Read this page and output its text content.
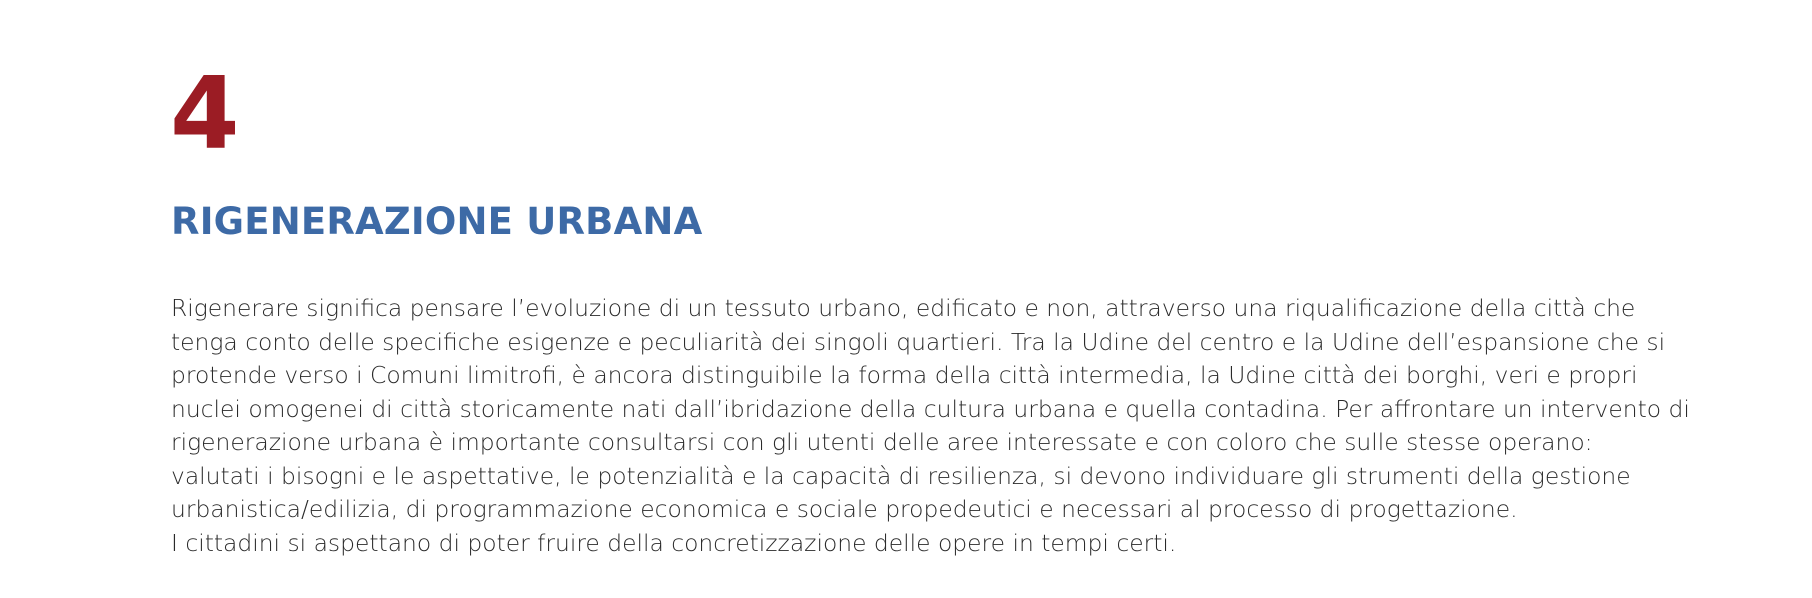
4
RIGENERAZIONE URBANA
Rigenerare significa pensare l’evoluzione di un tessuto urbano, edificato e non, attraverso una riqualificazione della città che
tenga conto delle specifiche esigenze e peculiarità dei singoli quartieri. Tra la Udine del centro e la Udine dell’espansione che si
protende verso i Comuni limitrofi, è ancora distinguibile la forma della città intermedia, la Udine città dei borghi, veri e propri
nuclei omogenei di città storicamente nati dall’ibridazione della cultura urbana e quella contadina. Per affrontare un intervento di
rigenerazione urbana è importante consultarsi con gli utenti delle aree interessate e con coloro che sulle stesse operano:
valutati i bisogni e le aspettative, le potenzialità e la capacità di resilienza, si devono individuare gli strumenti della gestione
urbanistica/edilizia, di programmazione economica e sociale propedeutici e necessari al processo di progettazione.
I cittadini si aspettano di poter fruire della concretizzazione delle opere in tempi certi.
